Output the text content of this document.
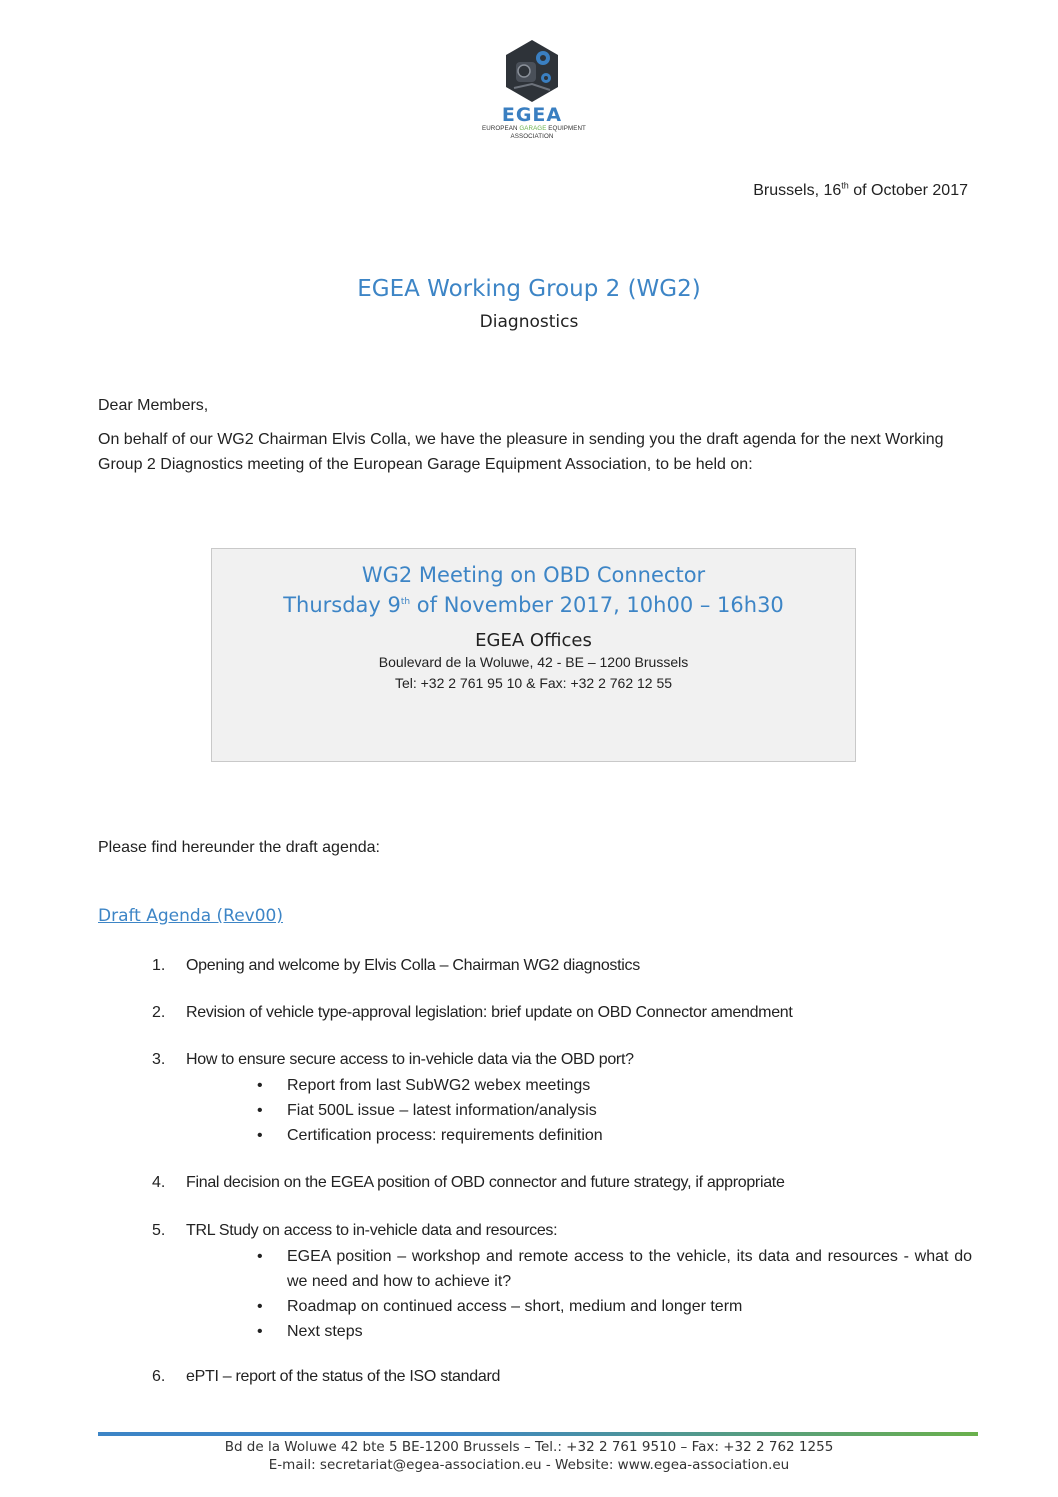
EGEA
EUROPEAN GARAGE EQUIPMENT
ASSOCIATION
Brussels, 16th of October 2017
EGEA Working Group 2 (WG2)
Diagnostics
Dear Members,
On behalf of our WG2 Chairman Elvis Colla, we have the pleasure in sending you the draft agenda for the next Working Group 2 Diagnostics meeting of the European Garage Equipment Association, to be held on:
WG2 Meeting on OBD Connector
Thursday 9th of November 2017, 10h00 – 16h30
EGEA Offices
Boulevard de la Woluwe, 42 - BE – 1200 Brussels
Tel: +32 2 761 95 10 & Fax: +32 2 762 12 55
Please find hereunder the draft agenda:
Draft Agenda (Rev00)
1.	Opening and welcome by Elvis Colla – Chairman WG2 diagnostics
2.	Revision of vehicle type-approval legislation: brief update on OBD Connector amendment
3.	How to ensure secure access to in-vehicle data via the OBD port?
• Report from last SubWG2 webex meetings
• Fiat 500L issue – latest information/analysis
• Certification process: requirements definition
4.	Final decision on the EGEA position of OBD connector and future strategy, if appropriate
5.	TRL Study on access to in-vehicle data and resources:
• EGEA position – workshop and remote access to the vehicle, its data and resources - what do we need and how to achieve it?
• Roadmap on continued access – short, medium and longer term
• Next steps
6.	ePTI – report of the status of the ISO standard
Bd de la Woluwe 42 bte 5 BE-1200 Brussels – Tel.: +32 2 761 9510 – Fax: +32 2 762 1255
E-mail: secretariat@egea-association.eu - Website: www.egea-association.eu
